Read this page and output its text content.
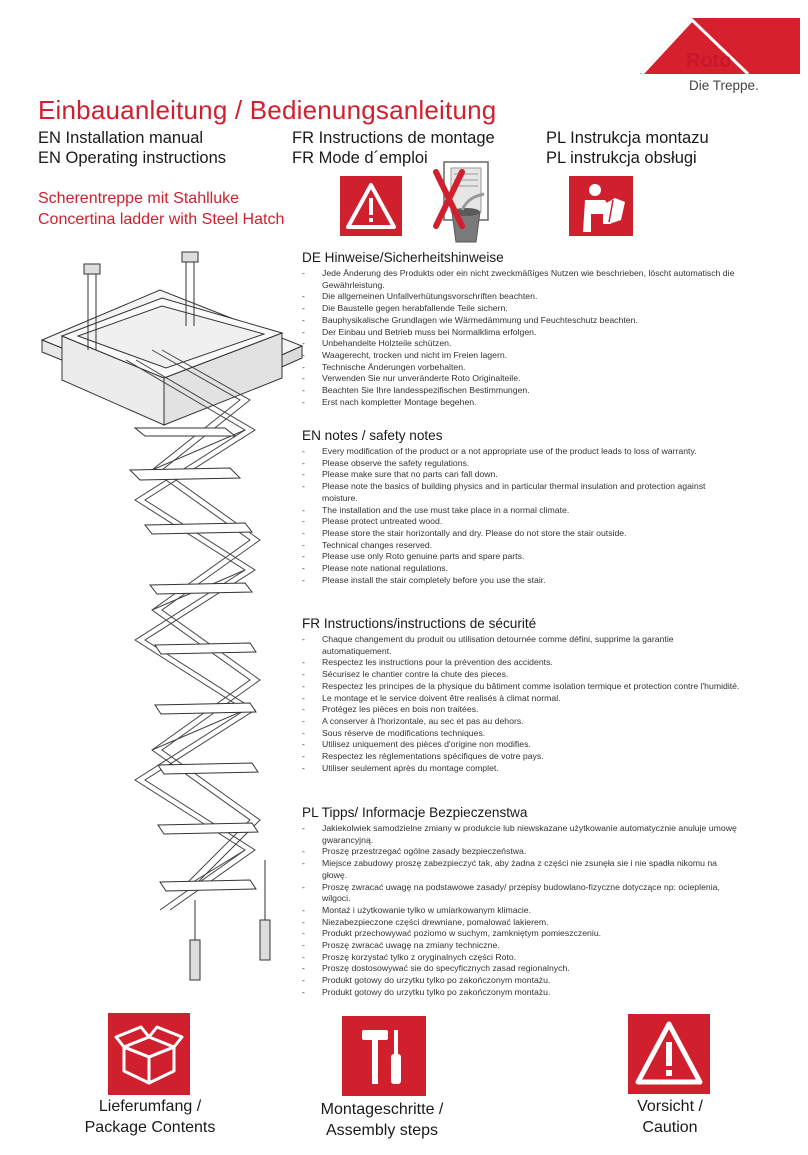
Roto
Die Treppe.
Einbauanleitung / Bedienungsanleitung
EN Installation manual	FR Instructions de montage	PL Instrukcja montazu
EN Operating instructions	FR Mode d´emploi	PL instrukcja obsługi
Scherentreppe mit Stahlluke
Concertina ladder with Steel Hatch
DE Hinweise/Sicherheitshinweise
- Jede Änderung des Produkts oder ein nicht zweckmäßiges Nutzen wie beschrieben, löscht automatisch die Gewährleistung.
- Die allgemeinen Unfallverhütungsvorschriften beachten.
- Die Baustelle gegen herabfallende Teile sichern.
- Bauphysikalische Grundlagen wie Wärmedämmung und Feuchteschutz beachten.
- Der Einbau und Betrieb muss bei Normalklima erfolgen.
- Unbehandelte Holzteile schützen.
- Waagerecht, trocken und nicht im Freien lagern.
- Technische Änderungen vorbehalten.
- Verwenden Sie nur unveränderte Roto Originalteile.
- Beachten Sie Ihre landesspezifischen Bestimmungen.
- Erst nach kompletter Montage begehen.
EN notes / safety notes
- Every modification of the product or a not appropriate use of the product leads to loss of warranty.
- Please observe the safety regulations.
- Please make sure that no parts can fall down.
- Please note the basics of building physics and in particular thermal insulation and protection against moisture.
- The installation and the use must take place in a normal climate.
- Please protect untreated wood.
- Please store the stair horizontally and dry. Please do not store the stair outside.
- Technical changes reserved.
- Please use only Roto genuine parts and spare parts.
- Please note national regulations.
- Please install the stair completely before you use the stair.
FR Instructions/instructions de sécurité
- Chaque changement du produit ou utilisation detournée comme défini, supprime la garantie automatiquement.
- Respectez les instructions pour la prévention des accidents.
- Sécurisez le chantier contre la chute des pieces.
- Respectez les principes de la physique du bâtiment comme isolation termique et protection contre l'humidité.
- Le montage et le service doivent être realisés à climat normal.
- Protégez les pièces en bois non traitées.
- A conserver à l'horizontale, au sec et pas au dehors.
- Sous réserve de modifications techniques.
- Utilisez uniquement des pièces d'origine non modifies.
- Respectez les réglementations spécifiques de votre pays.
- Utiliser seulement après du montage complet.
PL Tipps/ Informacje Bezpieczenstwa
- Jakiekolwiek samodzielne zmiany w produkcie lub niewskazane użytkowanie automatycznie anuluje umowę gwarancyjną.
- Proszę przestrzegać ogólne zasady bezpieczeństwa.
- Miejsce zabudowy proszę zabezpieczyć tak, aby żadna z części nie zsunęła sie i nie spadła nikomu na głowę.
- Proszę zwracać uwagę na podstawowe zasady/ przepisy budowlano-fizyczne dotyczące np: ocieplenia, wilgoci.
- Montaż i użytkowanie tylko w umiarkowanym klimacie.
- Niezabezpieczone części drewniane, pomalować lakierem.
- Produkt przechowywać poziomo w suchym, zamkniętym pomieszczeniu.
- Proszę zwracać uwagę na zmiany techniczne.
- Proszę korzystać tylko z oryginalnych części Roto.
- Proszę dostosowywać sie do specyficznych zasad regionalnych.
- Produkt gotowy do urzytku tylko po zakończonym montażu.
- Produkt gotowy do urzytku tylko po zakończonym montażu.
Lieferumfang /
Package Contents
Montageschritte /
Assembly steps
Vorsicht /
Caution
